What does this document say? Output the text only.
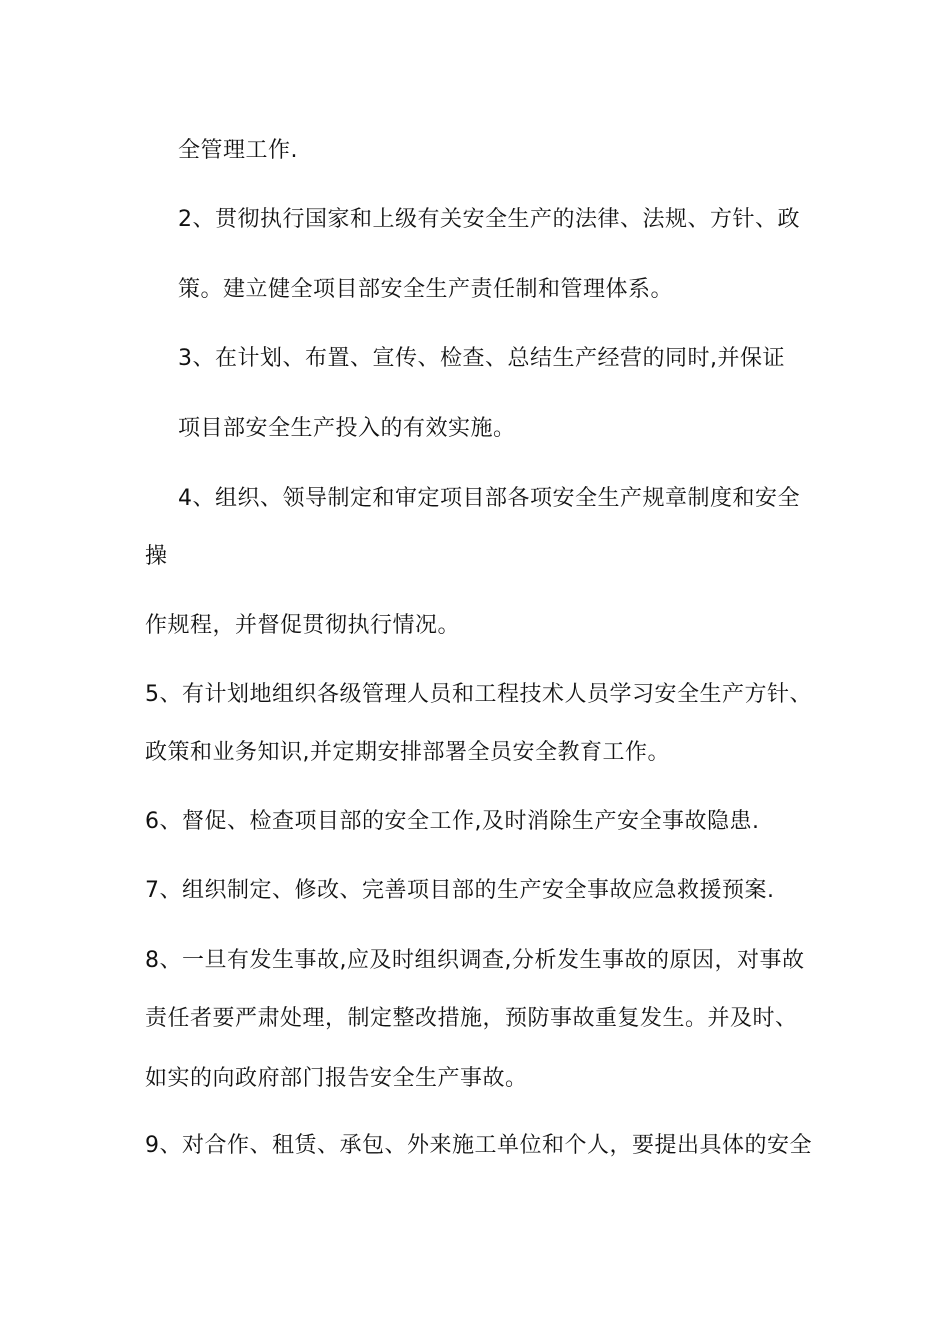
全管理工作.
2、贯彻执行国家和上级有关安全生产的法律、法规、方针、政
策。建立健全项目部安全生产责任制和管理体系。
3、在计划、布置、宣传、检查、总结生产经营的同时,并保证
项目部安全生产投入的有效实施。
4、组织、领导制定和审定项目部各项安全生产规章制度和安全
操
作规程，并督促贯彻执行情况。
5、有计划地组织各级管理人员和工程技术人员学习安全生产方针、
政策和业务知识,并定期安排部署全员安全教育工作。
6、督促、检查项目部的安全工作,及时消除生产安全事故隐患.
7、组织制定、修改、完善项目部的生产安全事故应急救援预案.
8、一旦有发生事故,应及时组织调查,分析发生事故的原因，对事故
责任者要严肃处理，制定整改措施，预防事故重复发生。并及时、
如实的向政府部门报告安全生产事故。
9、对合作、租赁、承包、外来施工单位和个人，要提出具体的安全
